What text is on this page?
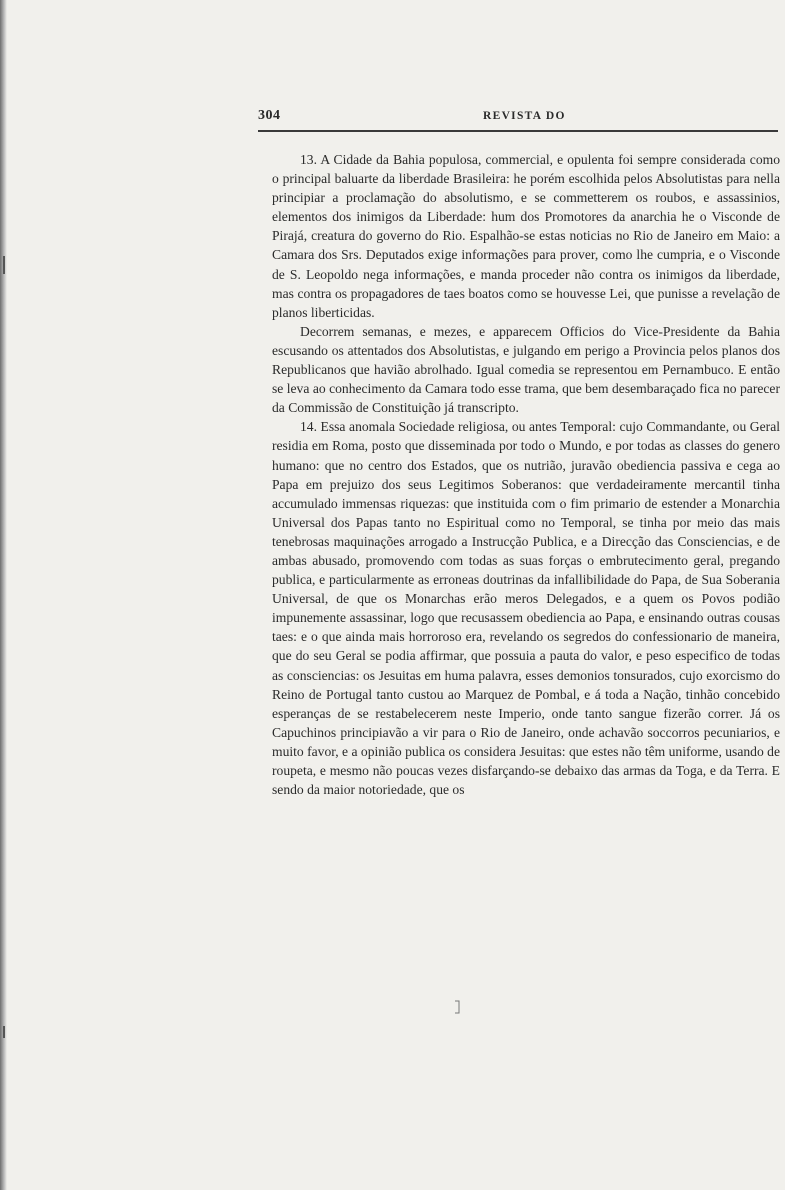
304	REVISTA DO

13. A Cidade da Bahia populosa, commercial, e opulenta foi sempre considerada como o principal baluarte da liberdade Brasileira: he porém escolhida pelos Absolutistas para nella principiar a proclamação do absolutismo, e se commetterem os roubos, e assassinios, elementos dos inimigos da Liberdade: hum dos Promotores da anarchia he o Visconde de Pirajá, creatura do governo do Rio. Espalhão-se estas noticias no Rio de Janeiro em Maio: a Camara dos Srs. Deputados exige informações para prover, como lhe cumpria, e o Visconde de S. Leopoldo nega informações, e manda proceder não contra os inimigos da liberdade, mas contra os propagadores de taes boatos como se houvesse Lei, que punisse a revelação de planos liberticidas.

Decorrem semanas, e mezes, e apparecem Officios do Vice-Presidente da Bahia escusando os attentados dos Absolutistas, e julgando em perigo a Provincia pelos planos dos Republicanos que havião abrolhado. Igual comedia se representou em Pernambuco. E então se leva ao conhecimento da Camara todo esse trama, que bem desembaraçado fica no parecer da Commissão de Constituição já transcripto.

14. Essa anomala Sociedade religiosa, ou antes Temporal: cujo Commandante, ou Geral residia em Roma, posto que disseminada por todo o Mundo, e por todas as classes do genero humano: que no centro dos Estados, que os nutrião, juravão obediencia passiva e cega ao Papa em prejuizo dos seus Legitimos Soberanos: que verdadeiramente mercantil tinha accumulado immensas riquezas: que instituida com o fim primario de estender a Monarchia Universal dos Papas tanto no Espiritual como no Temporal, se tinha por meio das mais tenebrosas maquinações arrogado a Instrucção Publica, e a Direcção das Consciencias, e de ambas abusado, promovendo com todas as suas forças o embrutecimento geral, pregando publica, e particularmente as erroneas doutrinas da infallibilidade do Papa, de Sua Soberania Universal, de que os Monarchas erão meros Delegados, e a quem os Povos podião impunemente assassinar, logo que recusassem obediencia ao Papa, e ensinando outras cousas taes: e o que ainda mais horroroso era, revelando os segredos do confessionario de maneira, que do seu Geral se podia affirmar, que possuia a pauta do valor, e peso especifico de todas as consciencias: os Jesuitas em huma palavra, esses demonios tonsurados, cujo exorcismo do Reino de Portugal tanto custou ao Marquez de Pombal, e á toda a Nação, tinhão concebido esperanças de se restabelecerem neste Imperio, onde tanto sangue fizerão correr. Já os Capuchinos principiavão a vir para o Rio de Janeiro, onde achavão soccorros pecuniarios, e muito favor, e a opinião publica os considera Jesuitas: que estes não têm uniforme, usando de roupeta, e mesmo não poucas vezes disfarçando-se debaixo das armas da Toga, e da Terra. E sendo da maior notoriedade, que os
